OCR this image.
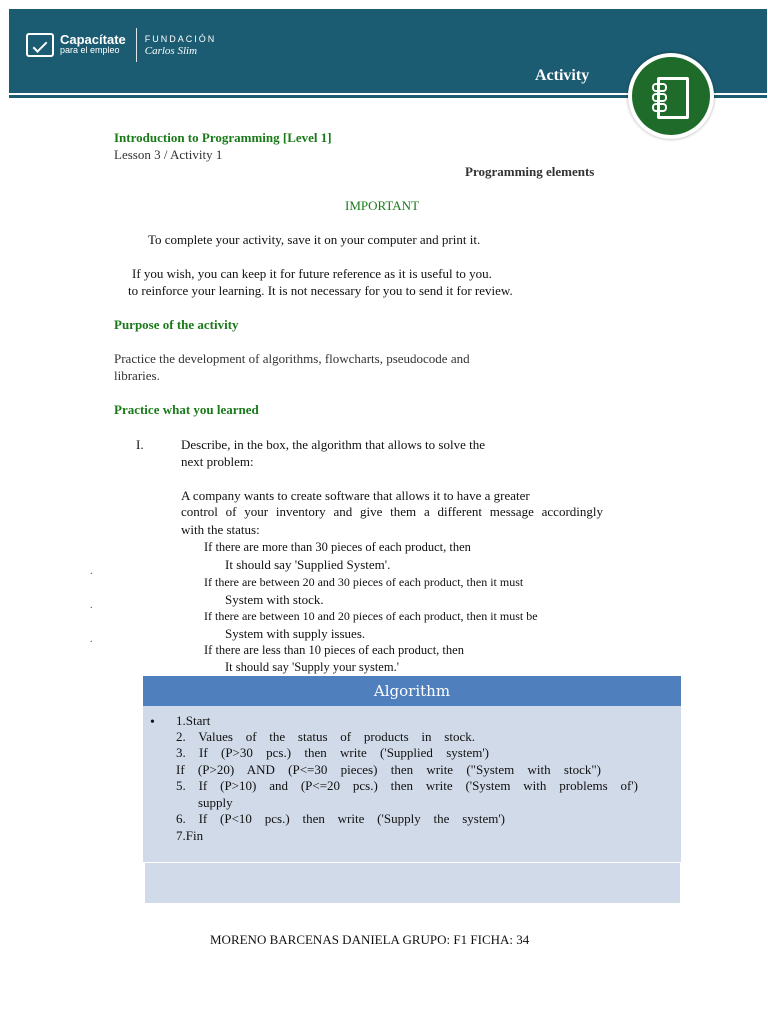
Capacítate
para el empleo
FUNDACIÓN
Carlos Slim
Activity
Introduction to Programming [Level 1]
Lesson 3 / Activity 1
Programming elements
IMPORTANT
To complete your activity, save it on your computer and print it.
If you wish, you can keep it for future reference as it is useful to you.
to reinforce your learning. It is not necessary for you to send it for review.
Purpose of the activity
Practice the development of algorithms, flowcharts, pseudocode and
libraries.
Practice what you learned
I.	Describe, in the box, the algorithm that allows to solve the
next problem:
A company wants to create software that allows it to have a greater
control of your inventory and give them a different message accordingly
with the status:
If there are more than 30 pieces of each product, then
It should say 'Supplied System'.
If there are between 20 and 30 pieces of each product, then it must
System with stock.
If there are between 10 and 20 pieces of each product, then it must be
System with supply issues.
If there are less than 10 pieces of each product, then
It should say 'Supply your system.'
.
.
.
Algorithm
• 1.Start
2. Values of the status of products in stock.
3. If (P>30 pcs.) then write ('Supplied system')
If (P>20) AND (P<=30 pieces) then write ("System with stock")
5. If (P>10) and (P<=20 pcs.) then write ('System with problems of')
supply
6. If (P<10 pcs.) then write ('Supply the system')
7.Fin
MORENO BARCENAS DANIELA GRUPO: F1 FICHA: 34
